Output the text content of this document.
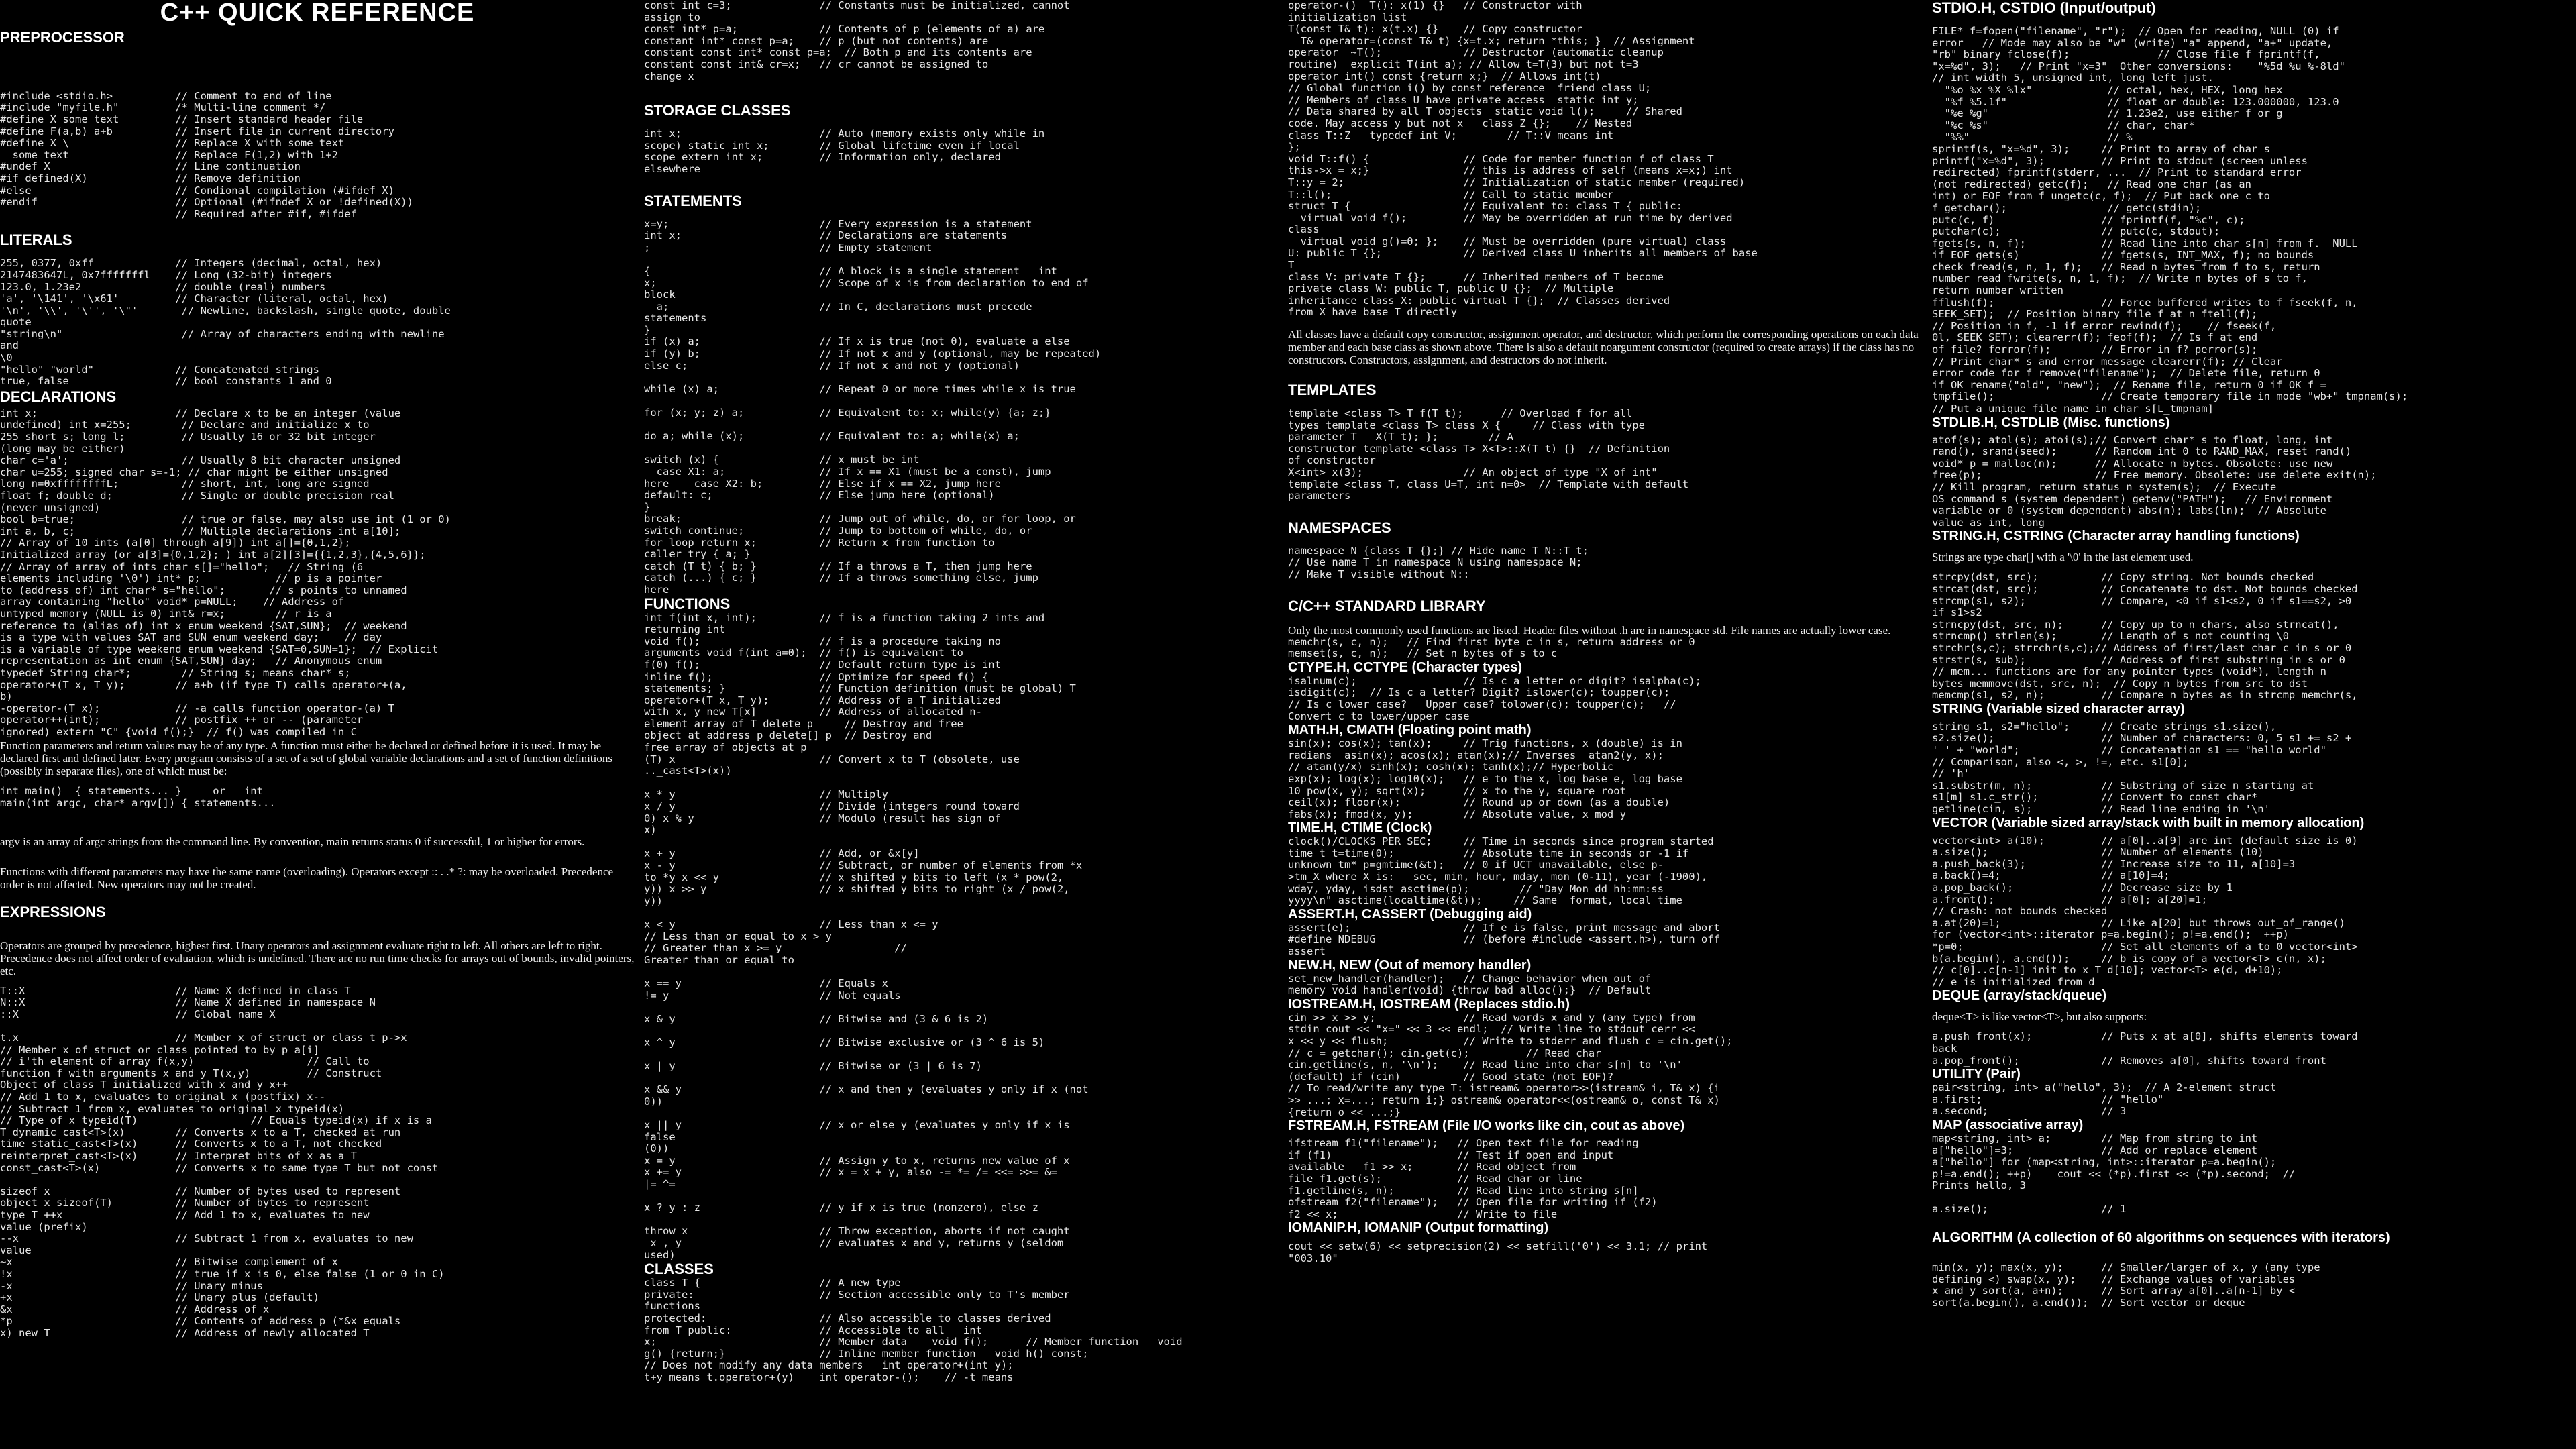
C++ QUICK REFERENCE
PREPROCESSOR

#include <stdio.h>          // Comment to end of line
#include "myfile.h"         /* Multi-line comment */
#define X some text         // Insert standard header file
#define F(a,b) a+b          // Insert file in current directory
#define X \                 // Replace X with some text
some text                 // Replace F(1,2) with 1+2
#undef X                    // Line continuation
#if defined(X)              // Remove definition
#else                       // Condional compilation (#ifdef X)
#endif                      // Optional (#ifndef X or !defined(X))
// Required after #if, #ifdef
LITERALS
255, 0377, 0xff             // Integers (decimal, octal, hex)
2147483647L, 0x7fffffffl    // Long (32-bit) integers
123.0, 1.23e2               // double (real) numbers
'a', '\141', '\x61'         // Character (literal, octal, hex)
'\n', '\\', '\'', '\"'       // Newline, backslash, single quote, double
quote
"string\n"                   // Array of characters ending with newline
and
\0
"hello" "world"             // Concatenated strings
true, false                 // bool constants 1 and 0
DECLARATIONS
int x;                      // Declare x to be an integer (value
undefined) int x=255;        // Declare and initialize x to
255 short s; long l;         // Usually 16 or 32 bit integer
(long may be either)
char c='a';                  // Usually 8 bit character unsigned
char u=255; signed char s=-1; // char might be either unsigned
long n=0xffffffffL;          // short, int, long are signed
float f; double d;           // Single or double precision real
(never unsigned)
bool b=true;                 // true or false, may also use int (1 or 0)
int a, b, c;                 // Multiple declarations int a[10];
// Array of 10 ints (a[0] through a[9]) int a[]={0,1,2};
Initialized array (or a[3]={0,1,2}; ) int a[2][3]={{1,2,3},{4,5,6}};
// Array of array of ints char s[]="hello";   // String (6
elements including '\0') int* p;            // p is a pointer
to (address of) int char* s="hello";       // s points to unnamed
array containing "hello" void* p=NULL;    // Address of
untyped memory (NULL is 0) int& r=x;        // r is a
reference to (alias of) int x enum weekend {SAT,SUN};  // weekend
is a type with values SAT and SUN enum weekend day;    // day
is a variable of type weekend enum weekend {SAT=0,SUN=1};  // Explicit
representation as int enum {SAT,SUN} day;   // Anonymous enum
typedef String char*;        // String s; means char* s;
operator+(T x, T y);        // a+b (if type T) calls operator+(a,
b)
-operator-(T x);            // -a calls function operator-(a) T
operator++(int);            // postfix ++ or -- (parameter
ignored) extern "C" {void f();}  // f() was compiled in C
Function parameters and return values may be of any type. A function must either be declared or defined before it is used. It may be declared first and defined later. Every program consists of a set of a set of global variable declarations and a set of function definitions (possibly in separate files), one of which must be:
int main()  { statements... }     or   int
main(int argc, char* argv[]) { statements...
argv is an array of argc strings from the command line. By convention, main returns status 0 if successful, 1 or higher for errors.
Functions with different parameters may have the same name (overloading). Operators except :: . .* ?: may be overloaded. Precedence order is not affected. New operators may not be created.
EXPRESSIONS
Operators are grouped by precedence, highest first. Unary operators and assignment evaluate right to left. All others are left to right. Precedence does not affect order of evaluation, which is undefined. There are no run time checks for arrays out of bounds, invalid pointers, etc.
T::X                        // Name X defined in class T
N::X                        // Name X defined in namespace N
::X                         // Global name X

t.x                         // Member x of struct or class t p->x
// Member x of struct or class pointed to by p a[i]
// i'th element of array f(x,y)                  // Call to
function f with arguments x and y T(x,y)         // Construct
Object of class T initialized with x and y x++
// Add 1 to x, evaluates to original x (postfix) x--
// Subtract 1 from x, evaluates to original x typeid(x)
// Type of x typeid(T)                  // Equals typeid(x) if x is a
T dynamic_cast<T>(x)        // Converts x to a T, checked at run
time static_cast<T>(x)      // Converts x to a T, not checked
reinterpret_cast<T>(x)      // Interpret bits of x as a T
const_cast<T>(x)            // Converts x to same type T but not const

sizeof x                    // Number of bytes used to represent
object x sizeof(T)          // Number of bytes to represent
type T ++x                  // Add 1 to x, evaluates to new
value (prefix)
--x                         // Subtract 1 from x, evaluates to new
value
~x                          // Bitwise complement of x
!x                          // true if x is 0, else false (1 or 0 in C)
-x                          // Unary minus
+x                          // Unary plus (default)
&x                          // Address of x
*p                          // Contents of address p (*&x equals
x) new T                    // Address of newly allocated T
const int c=3;              // Constants must be initialized, cannot
assign to
const int* p=a;             // Contents of p (elements of a) are
constant int* const p=a;    // p (but not contents) are
constant const int* const p=a;  // Both p and its contents are
constant const int& cr=x;   // cr cannot be assigned to
change x
STORAGE CLASSES
int x;                      // Auto (memory exists only while in
scope) static int x;        // Global lifetime even if local
scope extern int x;         // Information only, declared
elsewhere
STATEMENTS
x=y;                        // Every expression is a statement
int x;                      // Declarations are statements
;                           // Empty statement

{                           // A block is a single statement   int
x;                          // Scope of x is from declaration to end of
block
a;                        // In C, declarations must precede
statements
}
if (x) a;                   // If x is true (not 0), evaluate a else
if (y) b;                   // If not x and y (optional, may be repeated)
else c;                     // If not x and not y (optional)

while (x) a;                // Repeat 0 or more times while x is true

for (x; y; z) a;            // Equivalent to: x; while(y) {a; z;}

do a; while (x);            // Equivalent to: a; while(x) a;

switch (x) {                // x must be int
case X1: a;               // If x == X1 (must be a const), jump
here    case X2: b;         // Else if x == X2, jump here
default: c;                 // Else jump here (optional)
}
break;                      // Jump out of while, do, or for loop, or
switch continue;            // Jump to bottom of while, do, or
for loop return x;          // Return x from function to
caller try { a; }
catch (T t) { b; }          // If a throws a T, then jump here
catch (...) { c; }          // If a throws something else, jump
here
FUNCTIONS
int f(int x, int);          // f is a function taking 2 ints and
returning int
void f();                   // f is a procedure taking no
arguments void f(int a=0);  // f() is equivalent to
f(0) f();                   // Default return type is int
inline f();                 // Optimize for speed f() {
statements; }               // Function definition (must be global) T
operator+(T x, T y);        // Address of a T initialized
with x, y new T[x]          // Address of allocated n-
element array of T delete p     // Destroy and free
object at address p delete[] p  // Destroy and
free array of objects at p
(T) x                       // Convert x to T (obsolete, use
.._cast<T>(x))

x * y                       // Multiply
x / y                       // Divide (integers round toward
0) x % y                    // Modulo (result has sign of
x)

x + y                       // Add, or &x[y]
x - y                       // Subtract, or number of elements from *x
to *y x << y                // x shifted y bits to left (x * pow(2,
y)) x >> y                  // x shifted y bits to right (x / pow(2,
y))

x < y                       // Less than x <= y
// Less than or equal to x > y
// Greater than x >= y                  //
Greater than or equal to

x == y                      // Equals x
!= y                        // Not equals

x & y                       // Bitwise and (3 & 6 is 2)

x ^ y                       // Bitwise exclusive or (3 ^ 6 is 5)

x | y                       // Bitwise or (3 | 6 is 7)

x && y                      // x and then y (evaluates y only if x (not
0))

x || y                      // x or else y (evaluates y only if x is
false
(0))
x = y                       // Assign y to x, returns new value of x
x += y                      // x = x + y, also -= *= /= <<= >>= &=
|= ^=

x ? y : z                   // y if x is true (nonzero), else z

throw x                     // Throw exception, aborts if not caught
x , y                      // evaluates x and y, returns y (seldom
used)
CLASSES
class T {                   // A new type
private:                    // Section accessible only to T's member
functions
protected:                  // Also accessible to classes derived
from T public:              // Accessible to all   int
x;                          // Member data    void f();      // Member function   void
g() {return;}               // Inline member function   void h() const;
// Does not modify any data members   int operator+(int y);
t+y means t.operator+(y)    int operator-();    // -t means
operator-()  T(): x(1) {}   // Constructor with
initialization list
T(const T& t): x(t.x) {}    // Copy constructor
T& operator=(const T& t) {x=t.x; return *this; }  // Assignment
operator  ~T();             // Destructor (automatic cleanup
routine)  explicit T(int a); // Allow t=T(3) but not t=3
operator int() const {return x;}  // Allows int(t)
// Global function i() by const reference  friend class U;
// Members of class U have private access  static int y;
// Data shared by all T objects  static void l();     // Shared
code. May access y but not x   class Z {};    // Nested
class T::Z   typedef int V;        // T::V means int
};
void T::f() {               // Code for member function f of class T
this->x = x;}               // this is address of self (means x=x;) int
T::y = 2;                   // Initialization of static member (required)
T::l();                     // Call to static member
struct T {                  // Equivalent to: class T { public:
virtual void f();         // May be overridden at run time by derived
class
virtual void g()=0; };    // Must be overridden (pure virtual) class
U: public T {};             // Derived class U inherits all members of base
T
class V: private T {};      // Inherited members of T become
private class W: public T, public U {};  // Multiple
inheritance class X: public virtual T {};  // Classes derived
from X have base T directly
All classes have a default copy constructor, assignment operator, and destructor, which perform the corresponding operations on each data member and each base class as shown above. There is also a default noargument constructor (required to create arrays) if the class has no constructors. Constructors, assignment, and destructors do not inherit.
TEMPLATES
template <class T> T f(T t);      // Overload f for all
types template <class T> class X {     // Class with type
parameter T   X(T t); };        // A
constructor template <class T> X<T>::X(T t) {}  // Definition
of constructor
X<int> x(3);                // An object of type "X of int"
template <class T, class U=T, int n=0>  // Template with default
parameters
NAMESPACES
namespace N {class T {};} // Hide name T N::T t;
// Use name T in namespace N using namespace N;
// Make T visible without N::
C/C++ STANDARD LIBRARY
Only the most commonly used functions are listed. Header files without .h are in namespace std. File names are actually lower case.
memchr(s, c, n);   // Find first byte c in s, return address or 0
memset(s, c, n);   // Set n bytes of s to c
CTYPE.H, CCTYPE (Character types)
isalnum(c);                 // Is c a letter or digit? isalpha(c);
isdigit(c);  // Is c a letter? Digit? islower(c); toupper(c);
// Is c lower case?   Upper case? tolower(c); toupper(c);   //
Convert c to lower/upper case
MATH.H, CMATH (Floating point math)
sin(x); cos(x); tan(x);     // Trig functions, x (double) is in
radians  asin(x); acos(x); atan(x);// Inverses  atan2(y, x);
// atan(y/x) sinh(x); cosh(x); tanh(x);// Hyperbolic
exp(x); log(x); log10(x);   // e to the x, log base e, log base
10 pow(x, y); sqrt(x);      // x to the y, square root
ceil(x); floor(x);          // Round up or down (as a double)
fabs(x); fmod(x, y);        // Absolute value, x mod y
TIME.H, CTIME (Clock)
clock()/CLOCKS_PER_SEC;     // Time in seconds since program started
time_t t=time(0);           // Absolute time in seconds or -1 if
unknown tm* p=gmtime(&t);   // 0 if UCT unavailable, else p-
>tm_X where X is:   sec, min, hour, mday, mon (0-11), year (-1900),
wday, yday, isdst asctime(p);        // "Day Mon dd hh:mm:ss
yyyy\n" asctime(localtime(&t));     // Same  format, local time
ASSERT.H, CASSERT (Debugging aid)
assert(e);                  // If e is false, print message and abort
#define NDEBUG              // (before #include <assert.h>), turn off
assert
NEW.H, NEW (Out of memory handler)
set_new_handler(handler);   // Change behavior when out of
memory void handler(void) {throw bad_alloc();}  // Default
IOSTREAM.H, IOSTREAM (Replaces stdio.h)
cin >> x >> y;              // Read words x and y (any type) from
stdin cout << "x=" << 3 << endl;  // Write line to stdout cerr <<
x << y << flush;            // Write to stderr and flush c = cin.get();
// c = getchar(); cin.get(c);         // Read char
cin.getline(s, n, '\n');    // Read line into char s[n] to '\n'
(default) if (cin)          // Good state (not EOF)?
// To read/write any type T: istream& operator>>(istream& i, T& x) {i
>> ...; x=...; return i;} ostream& operator<<(ostream& o, const T& x)
{return o << ...;}
FSTREAM.H, FSTREAM (File I/O works like cin, cout as above)
ifstream f1("filename");   // Open text file for reading
if (f1)                    // Test if open and input
available   f1 >> x;       // Read object from
file f1.get(s);            // Read char or line
f1.getline(s, n);          // Read line into string s[n]
ofstream f2("filename");   // Open file for writing if (f2)
f2 << x;                   // Write to file
IOMANIP.H, IOMANIP (Output formatting)
cout << setw(6) << setprecision(2) << setfill('0') << 3.1; // print
"003.10"
STDIO.H, CSTDIO (Input/output)
FILE* f=fopen("filename", "r");  // Open for reading, NULL (0) if
error   // Mode may also be "w" (write) "a" append, "a+" update,
"rb" binary fclose(f);              // Close file f fprintf(f,
"x=%d", 3);   // Print "x=3"  Other conversions:    "%5d %u %-8ld"
// int width 5, unsigned int, long left just.
"%o %x %X %lx"            // octal, hex, HEX, long hex
"%f %5.1f"                // float or double: 123.000000, 123.0
"%e %g"                   // 1.23e2, use either f or g
"%c %s"                   // char, char*
"%%"                      // %
sprintf(s, "x=%d", 3);     // Print to array of char s
printf("x=%d", 3);         // Print to stdout (screen unless
redirected) fprintf(stderr, ...  // Print to standard error
(not redirected) getc(f);   // Read one char (as an
int) or EOF from f ungetc(c, f);  // Put back one c to
f getchar();                // getc(stdin);
putc(c, f)                 // fprintf(f, "%c", c);
putchar(c);                // putc(c, stdout);
fgets(s, n, f);            // Read line into char s[n] from f.  NULL
if EOF gets(s)             // fgets(s, INT_MAX, f); no bounds
check fread(s, n, 1, f);   // Read n bytes from f to s, return
number read fwrite(s, n, 1, f);  // Write n bytes of s to f,
return number written
fflush(f);                 // Force buffered writes to f fseek(f, n,
SEEK_SET);  // Position binary file f at n ftell(f);
// Position in f, -1 if error rewind(f);    // fseek(f,
0l, SEEK_SET); clearerr(f); feof(f);  // Is f at end
of file? ferror(f);        // Error in f? perror(s);
// Print char* s and error message clearerr(f); // Clear
error code for f remove("filename");  // Delete file, return 0
if OK rename("old", "new");  // Rename file, return 0 if OK f =
tmpfile();                 // Create temporary file in mode "wb+" tmpnam(s);
// Put a unique file name in char s[L_tmpnam]
STDLIB.H, CSTDLIB (Misc. functions)
atof(s); atol(s); atoi(s);// Convert char* s to float, long, int
rand(), srand(seed);      // Random int 0 to RAND_MAX, reset rand()
void* p = malloc(n);      // Allocate n bytes. Obsolete: use new
free(p);                  // Free memory. Obsolete: use delete exit(n);
// Kill program, return status n system(s);  // Execute
OS command s (system dependent) getenv("PATH");   // Environment
variable or 0 (system dependent) abs(n); labs(ln);  // Absolute
value as int, long
STRING.H, CSTRING (Character array handling functions)
Strings are type char[] with a '\0' in the last element used.
strcpy(dst, src);          // Copy string. Not bounds checked
strcat(dst, src);          // Concatenate to dst. Not bounds checked
strcmp(s1, s2);            // Compare, <0 if s1<s2, 0 if s1==s2, >0
if s1>s2
strncpy(dst, src, n);      // Copy up to n chars, also strncat(),
strncmp() strlen(s);       // Length of s not counting \0
strchr(s,c); strrchr(s,c);// Address of first/last char c in s or 0
strstr(s, sub);            // Address of first substring in s or 0
// mem... functions are for any pointer types (void*), length n
bytes memmove(dst, src, n);  // Copy n bytes from src to dst
memcmp(s1, s2, n);         // Compare n bytes as in strcmp memchr(s,
STRING (Variable sized character array)
string s1, s2="hello";     // Create strings s1.size(),
s2.size();                 // Number of characters: 0, 5 s1 += s2 +
' ' + "world";             // Concatenation s1 == "hello world"
// Comparison, also <, >, !=, etc. s1[0];
// 'h'
s1.substr(m, n);           // Substring of size n starting at
s1[m] s1.c_str();          // Convert to const char*
getline(cin, s);           // Read line ending in '\n'
VECTOR (Variable sized array/stack with built in memory allocation)
vector<int> a(10);         // a[0]..a[9] are int (default size is 0)
a.size();                  // Number of elements (10)
a.push_back(3);            // Increase size to 11, a[10]=3
a.back()=4;                // a[10]=4;
a.pop_back();              // Decrease size by 1
a.front();                 // a[0]; a[20]=1;
// Crash: not bounds checked
a.at(20)=1;                // Like a[20] but throws out_of_range()
for (vector<int>::iterator p=a.begin(); p!=a.end();  ++p)
*p=0;                      // Set all elements of a to 0 vector<int>
b(a.begin(), a.end());     // b is copy of a vector<T> c(n, x);
// c[0]..c[n-1] init to x T d[10]; vector<T> e(d, d+10);
// e is initialized from d
DEQUE (array/stack/queue)
deque<T> is like vector<T>, but also supports:
a.push_front(x);           // Puts x at a[0], shifts elements toward
back
a.pop_front();             // Removes a[0], shifts toward front
UTILITY (Pair)
pair<string, int> a("hello", 3);  // A 2-element struct
a.first;                   // "hello"
a.second;                  // 3
MAP (associative array)
map<string, int> a;        // Map from string to int
a["hello"]=3;              // Add or replace element
a["hello"] for (map<string, int>::iterator p=a.begin();
p!=a.end(); ++p)    cout << (*p).first << (*p).second;  //
Prints hello, 3

a.size();                  // 1
ALGORITHM (A collection of 60 algorithms on sequences with iterators)
min(x, y); max(x, y);      // Smaller/larger of x, y (any type
defining <) swap(x, y);    // Exchange values of variables
x and y sort(a, a+n);      // Sort array a[0]..a[n-1] by <
sort(a.begin(), a.end());  // Sort vector or deque
